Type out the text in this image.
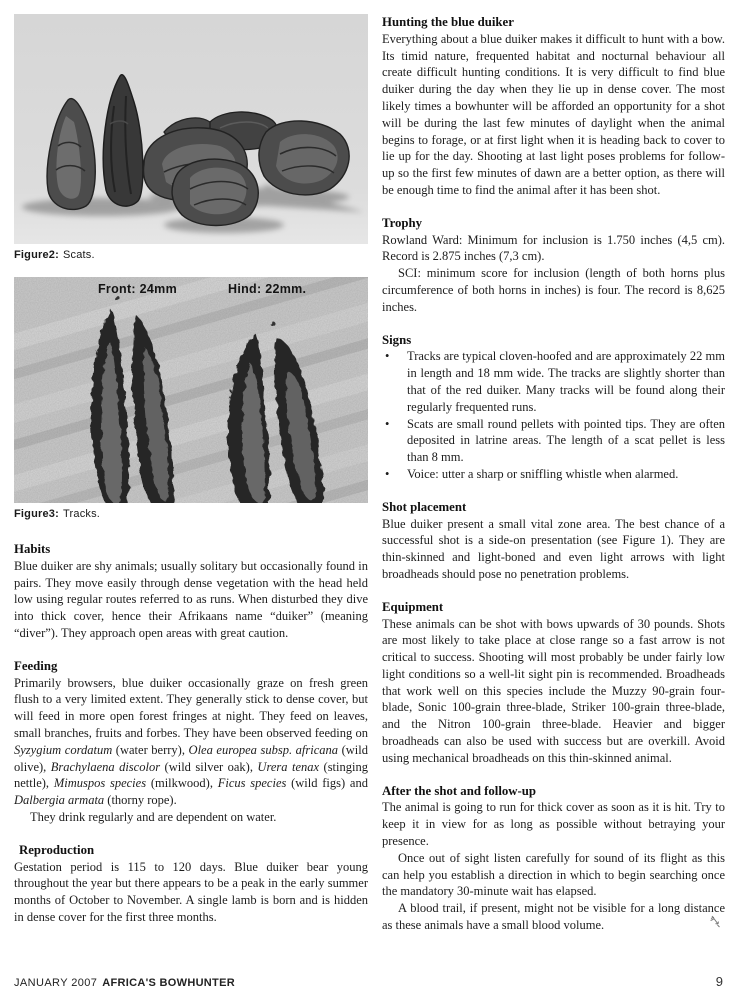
Figure2: Scats.
Front: 24mm	Hind: 22mm.
Figure3: Tracks.
Habits

Blue duiker are shy animals; usually solitary but occasionally found in pairs. They move easily through dense vegetation with the head held low using regular routes referred to as runs. When disturbed they dive into thick cover, hence their Afrikaans name “duiker” (meaning “diver”). They approach open areas with great caution.

Feeding

Primarily browsers, blue duiker occasionally graze on fresh green flush to a very limited extent. They generally stick to dense cover, but will feed in more open forest fringes at night. They feed on leaves, small branches, fruits and forbes. They have been observed feeding on Syzygium cordatum (water berry), Olea europea subsp. africana (wild olive), Brachylaena discolor (wild silver oak), Urera tenax (stinging nettle), Mimuspos species (milkwood), Ficus species (wild figs) and Dalbergia armata (thorny rope).

They drink regularly and are dependent on water.

Reproduction

Gestation period is 115 to 120 days. Blue duiker bear young throughout the year but there appears to be a peak in the early summer months of October to November. A single lamb is born and is hidden in dense cover for the first three months.

Hunting the blue duiker

Everything about a blue duiker makes it difficult to hunt with a bow. Its timid nature, frequented habitat and nocturnal behaviour all create difficult hunting conditions. It is very difficult to find blue duiker during the day when they lie up in dense cover. The most likely times a bowhunter will be afforded an opportunity for a shot will be during the last few minutes of daylight when the animal begins to forage, or at first light when it is heading back to cover to lie up for the day. Shooting at last light poses problems for follow-up so the first few minutes of dawn are a better option, as there will be enough time to find the animal after it has been shot.

Trophy

Rowland Ward: Minimum for inclusion is 1.750 inches (4,5 cm). Record is 2.875 inches (7,3 cm).

SCI: minimum score for inclusion (length of both horns plus circumference of both horns in inches) is four. The record is 8,625 inches.

Signs
•	Tracks are typical cloven-hoofed and are approximately 22 mm in length and 18 mm wide. The tracks are slightly shorter than that of the red duiker. Many tracks will be found along their regularly frequented runs.
•	Scats are small round pellets with pointed tips. They are often deposited in latrine areas. The length of a scat pellet is less than 8 mm.
•	Voice: utter a sharp or sniffling whistle when alarmed.
Shot placement

Blue duiker present a small vital zone area. The best chance of a successful shot is a side-on presentation (see Figure 1). They are thin-skinned and light-boned and even light arrows with light broadheads should pose no penetration problems.

Equipment

These animals can be shot with bows upwards of 30 pounds. Shots are most likely to take place at close range so a fast arrow is not critical to success. Shooting will most probably be under fairly low light conditions so a well-lit sight pin is recommended. Broadheads that work well on this species include the Muzzy 90-grain four-blade, Sonic 100-grain three-blade, Striker 100-grain three-blade, and the Nitron 100-grain three-blade. Heavier and bigger broadheads can also be used with success but are overkill. Avoid using mechanical broadheads on this thin-skinned animal.

After the shot and follow-up

The animal is going to run for thick cover as soon as it is hit. Try to keep it in view for as long as possible without betraying your presence.

Once out of sight listen carefully for sound of its flight as this can help you establish a direction in which to begin searching once the mandatory 30-minute wait has elapsed.

A blood trail, if present, might not be visible for a long distance as these animals have a small blood volume.

JANUARY 2007 AFRICA'S BOWHUNTER	9
